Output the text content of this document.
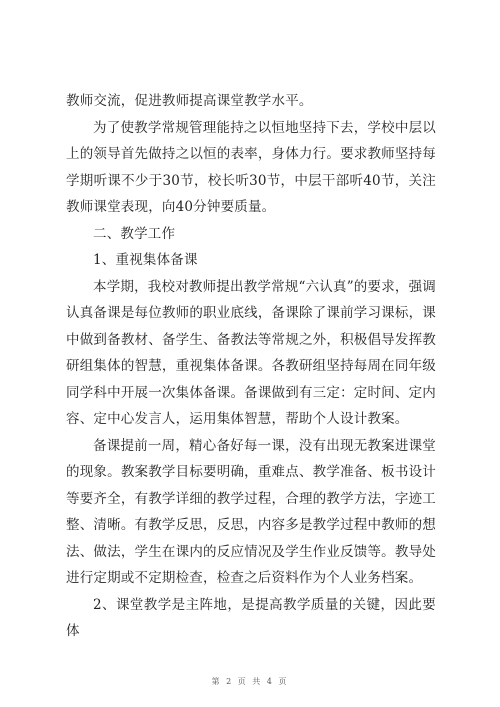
教师交流，促进教师提高课堂教学水平。

为了使教学常规管理能持之以恒地坚持下去，学校中层以上的领导首先做持之以恒的表率，身体力行。要求教师坚持每学期听课不少于30节，校长听30节，中层干部听40节，关注教师课堂表现，向40分钟要质量。

二、教学工作

1、重视集体备课

本学期，我校对教师提出教学常规“六认真”的要求，强调认真备课是每位教师的职业底线，备课除了课前学习课标，课中做到备教材、备学生、备教法等常规之外，积极倡导发挥教研组集体的智慧，重视集体备课。各教研组坚持每周在同年级同学科中开展一次集体备课。备课做到有三定：定时间、定内容、定中心发言人，运用集体智慧，帮助个人设计教案。

备课提前一周，精心备好每一课，没有出现无教案进课堂的现象。教案教学目标要明确，重难点、教学准备、板书设计等要齐全，有教学详细的教学过程，合理的教学方法，字迹工整、清晰。有教学反思，反思，内容多是教学过程中教师的想法、做法，学生在课内的反应情况及学生作业反馈等。教导处进行定期或不定期检查，检查之后资料作为个人业务档案。

2、课堂教学是主阵地，是提高教学质量的关键，因此要体

第 2 页 共 4 页
